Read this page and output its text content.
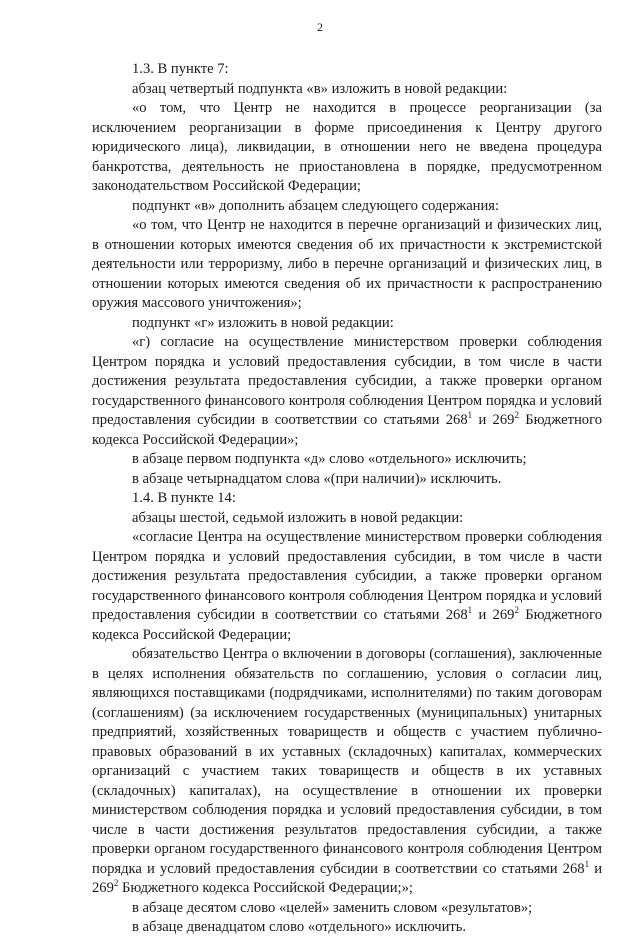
2

1.3. В пункте 7:

абзац четвертый подпункта «в» изложить в новой редакции:

«о том, что Центр не находится в процессе реорганизации (за исключением реорганизации в форме присоединения к Центру другого юридического лица), ликвидации, в отношении него не введена процедура банкротства, деятельность не приостановлена в порядке, предусмотренном законодательством Российской Федерации;

подпункт «в» дополнить абзацем следующего содержания:

«о том, что Центр не находится в перечне организаций и физических лиц, в отношении которых имеются сведения об их причастности к экстремистской деятельности или терроризму, либо в перечне организаций и физических лиц, в отношении которых имеются сведения об их причастности к распространению оружия массового уничтожения»;

подпункт «г» изложить в новой редакции:

«г) согласие на осуществление министерством проверки соблюдения Центром порядка и условий предоставления субсидии, в том числе в части достижения результата предоставления субсидии, а также проверки органом государственного финансового контроля соблюдения Центром порядка и условий предоставления субсидии в соответствии со статьями $268^1$ и $269^2$ Бюджетного кодекса Российской Федерации»;

в абзаце первом подпункта «д» слово «отдельного» исключить;

в абзаце четырнадцатом слова «(при наличии)» исключить.

1.4. В пункте 14:

абзацы шестой, седьмой изложить в новой редакции:

«согласие Центра на осуществление министерством проверки соблюдения Центром порядка и условий предоставления субсидии, в том числе в части достижения результата предоставления субсидии, а также проверки органом государственного финансового контроля соблюдения Центром порядка и условий предоставления субсидии в соответствии со статьями $268^1$ и $269^2$ Бюджетного кодекса Российской Федерации;

обязательство Центра о включении в договоры (соглашения), заключенные в целях исполнения обязательств по соглашению, условия о согласии лиц, являющихся поставщиками (подрядчиками, исполнителями) по таким договорам (соглашениям) (за исключением государственных (муниципальных) унитарных предприятий, хозяйственных товариществ и обществ с участием публично-правовых образований в их уставных (складочных) капиталах, коммерческих организаций с участием таких товариществ и обществ в их уставных (складочных) капиталах), на осуществление в отношении их проверки министерством соблюдения порядка и условий предоставления субсидии, в том числе в части достижения результатов предоставления субсидии, а также проверки органом государственного финансового контроля соблюдения Центром порядка и условий предоставления субсидии в соответствии со статьями $268^1$ и $269^2$ Бюджетного кодекса Российской Федерации;»;

в абзаце десятом слово «целей» заменить словом «результатов»;

в абзаце двенадцатом слово «отдельного» исключить.
